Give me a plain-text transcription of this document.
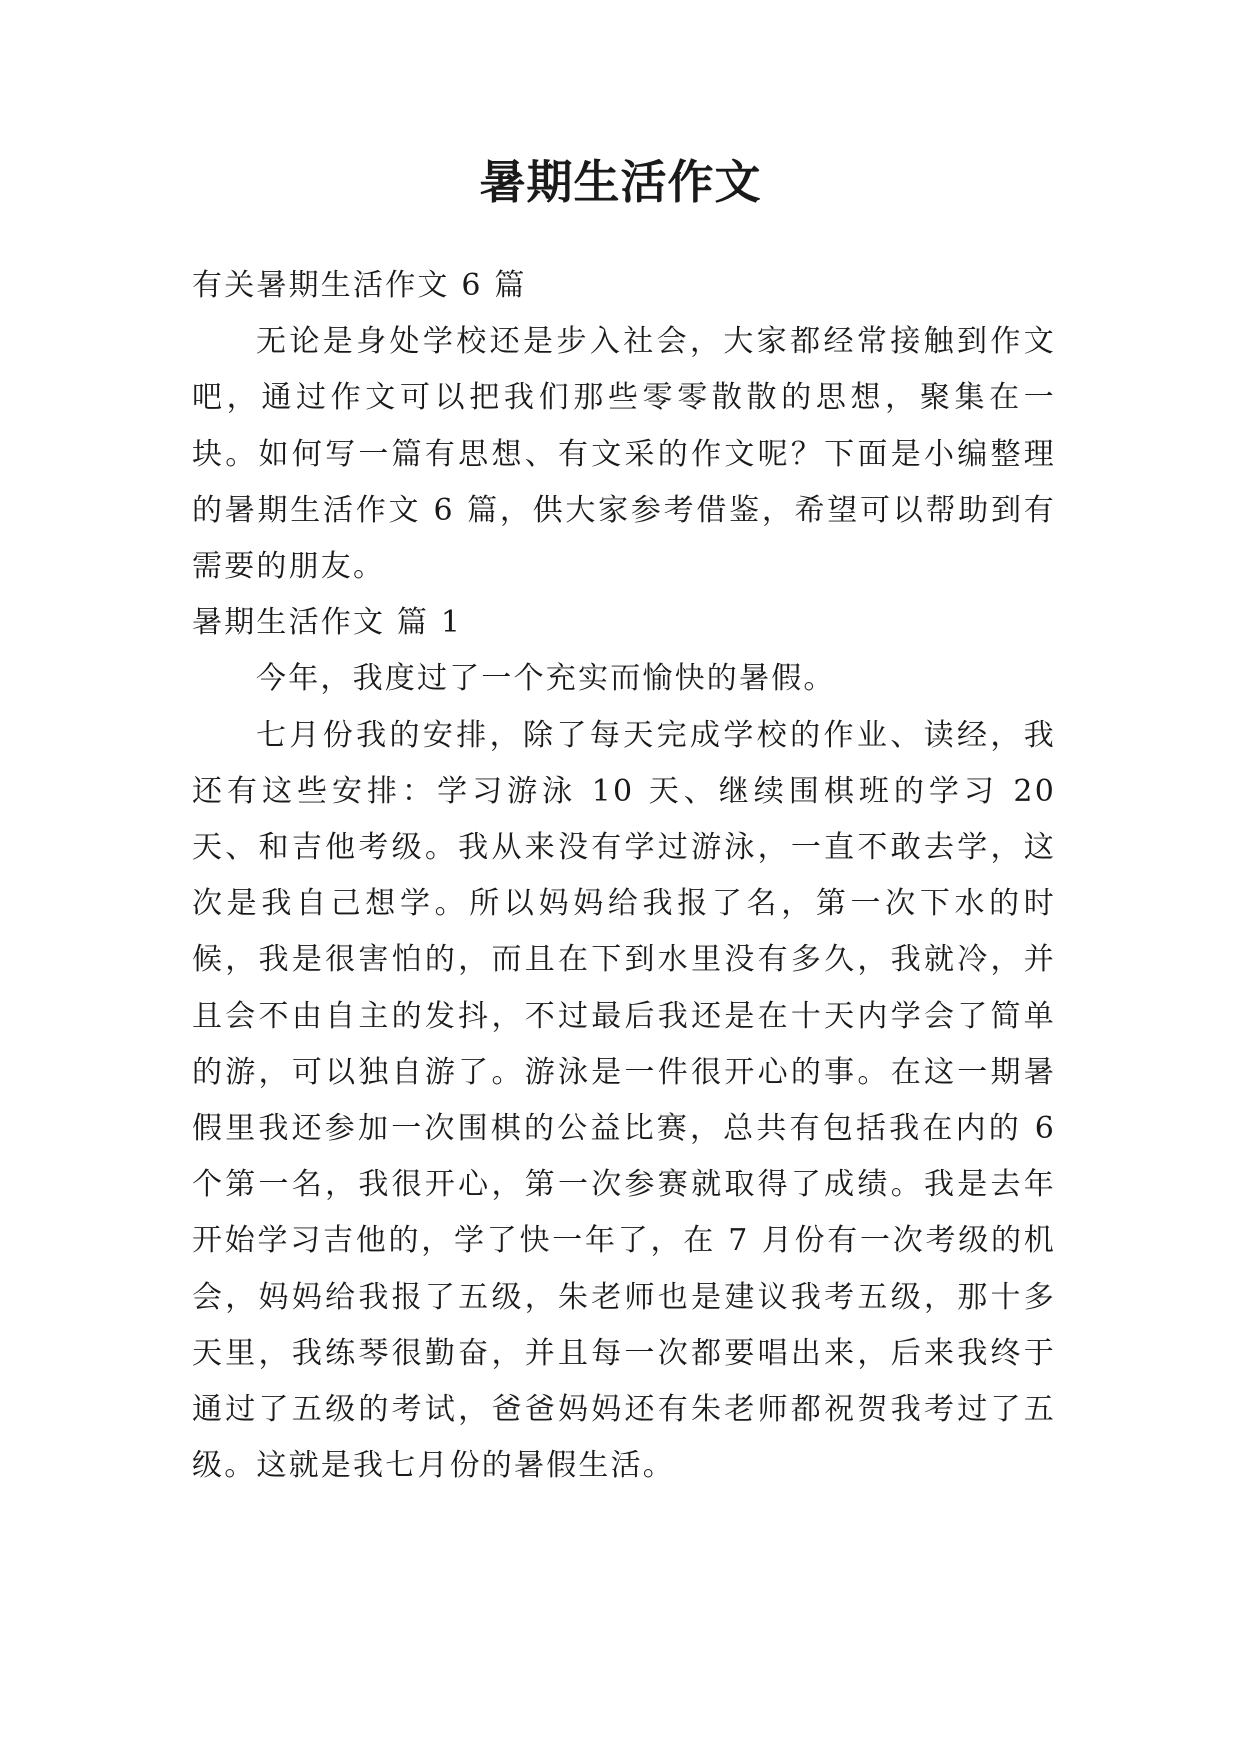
暑期生活作文

有关暑期生活作文 6 篇

无论是身处学校还是步入社会，大家都经常接触到作文吧，通过作文可以把我们那些零零散散的思想，聚集在一块。如何写一篇有思想、有文采的作文呢？下面是小编整理的暑期生活作文 6 篇，供大家参考借鉴，希望可以帮助到有需要的朋友。

暑期生活作文 篇 1

今年，我度过了一个充实而愉快的暑假。

七月份我的安排，除了每天完成学校的作业、读经，我还有这些安排：学习游泳 10 天、继续围棋班的学习 20 天、和吉他考级。我从来没有学过游泳，一直不敢去学，这次是我自己想学。所以妈妈给我报了名，第一次下水的时候，我是很害怕的，而且在下到水里没有多久，我就冷，并且会不由自主的发抖，不过最后我还是在十天内学会了简单的游，可以独自游了。游泳是一件很开心的事。在这一期暑假里我还参加一次围棋的公益比赛，总共有包括我在内的 6 个第一名，我很开心，第一次参赛就取得了成绩。我是去年开始学习吉他的，学了快一年了，在 7 月份有一次考级的机会，妈妈给我报了五级，朱老师也是建议我考五级，那十多天里，我练琴很勤奋，并且每一次都要唱出来，后来我终于通过了五级的考试，爸爸妈妈还有朱老师都祝贺我考过了五级。这就是我七月份的暑假生活。
